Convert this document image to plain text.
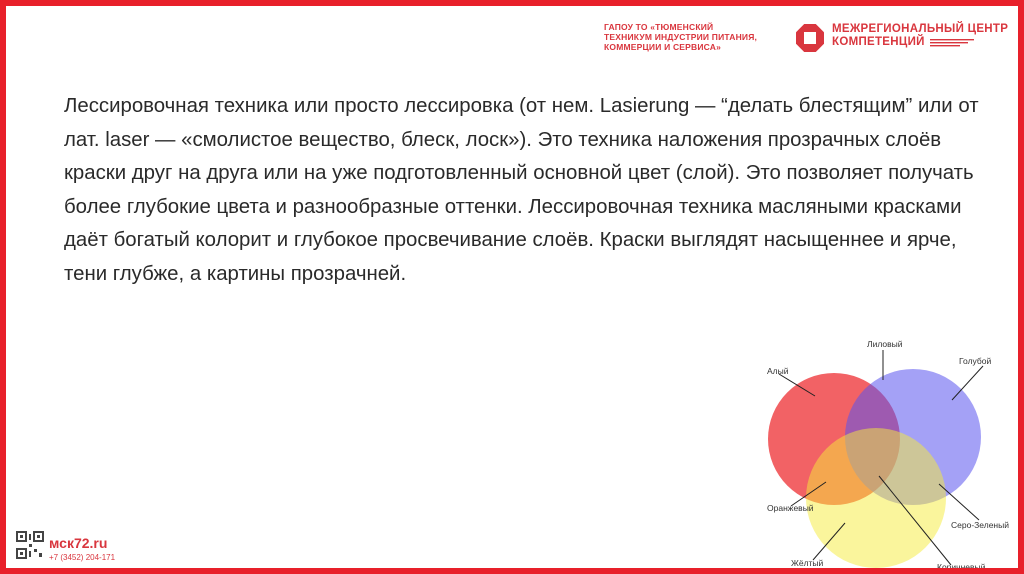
ГАПОУ ТО «ТЮМЕНСКИЙ
ТЕХНИКУМ ИНДУСТРИИ ПИТАНИЯ,
КОММЕРЦИИ И СЕРВИСА»
МЕЖРЕГИОНАЛЬНЫЙ ЦЕНТР
КОМПЕТЕНЦИЙ

Лессировочная техника или просто лессировка (от нем. Lasierung — “делать блестящим” или от лат. laser — «смолистое вещество, блеск, лоск»). Это техника наложения прозрачных слоёв краски друг на друга или на уже подготовленный основной цвет (слой). Это позволяет получать более глубокие цвета и разнообразные оттенки. Лессировочная техника масляными красками даёт богатый колорит и глубокое просвечивание слоёв. Краски выглядят насыщеннее и ярче, тени глубже, а картины прозрачней.

Алый
Лиловый
Голубой
Оранжевый
Серо-Зеленый
Жёлтый	Коричневый
мск72.ru
+7 (3452) 204-171
